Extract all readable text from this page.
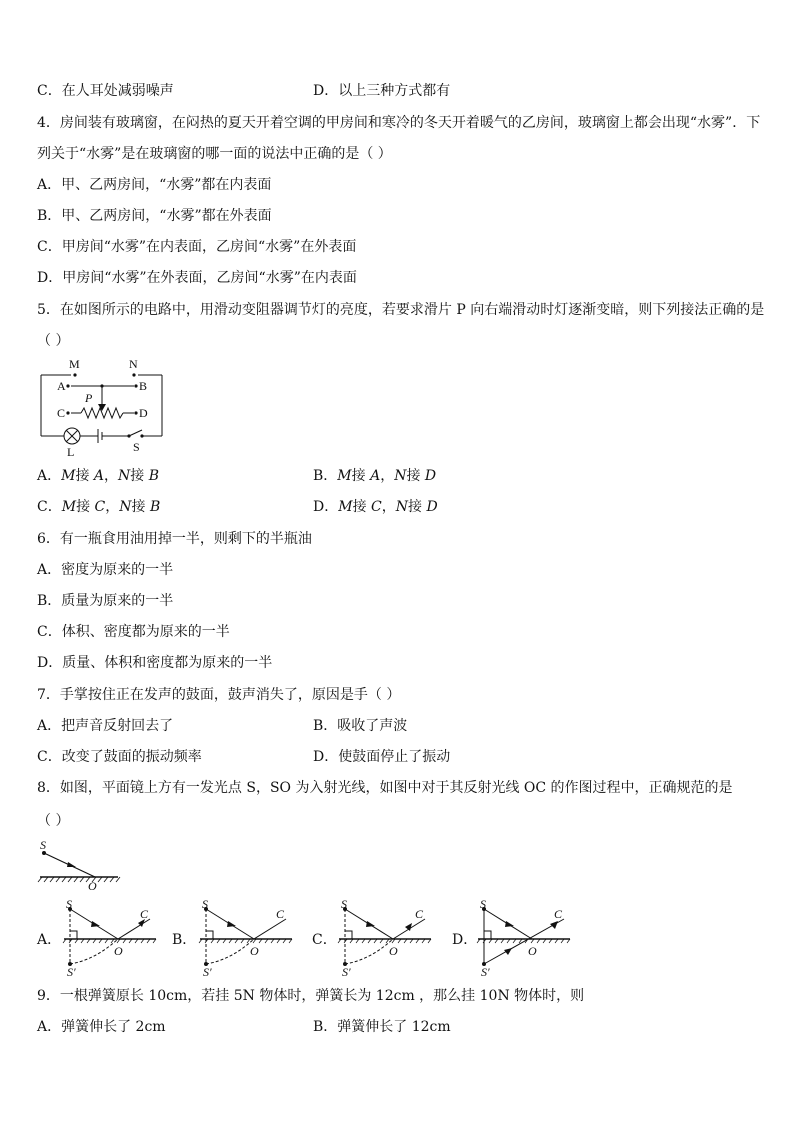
C．在人耳处减弱噪声	D．以上三种方式都有
4．房间装有玻璃窗，在闷热的夏天开着空调的甲房间和寒冷的冬天开着暖气的乙房间，玻璃窗上都会出现“水雾”．下
列关于“水雾”是在玻璃窗的哪一面的说法中正确的是（ ）
A．甲、乙两房间，“水雾”都在内表面
B．甲、乙两房间，“水雾”都在外表面
C．甲房间“水雾”在内表面，乙房间“水雾”在外表面
D．甲房间“水雾”在外表面，乙房间“水雾”在内表面
5．在如图所示的电路中，用滑动变阻器调节灯的亮度，若要求滑片 P 向右端滑动时灯逐渐变暗，则下列接法正确的是
（ ）
M	N
A	B
C	D
P
L	S
A．M接 A，N接 B	B．M接 A，N接 D
C．M接 C，N接 B	D．M接 C，N接 D
6．有一瓶食用油用掉一半，则剩下的半瓶油
A．密度为原来的一半
B．质量为原来的一半
C．体积、密度都为原来的一半
D．质量、体积和密度都为原来的一半
7．手掌按住正在发声的鼓面，鼓声消失了，原因是手（ ）
A．把声音反射回去了	B．吸收了声波
C．改变了鼓面的振动频率	D．使鼓面停止了振动
8．如图，平面镜上方有一发光点 S，SO 为入射光线，如图中对于其反射光线 OC 的作图过程中，正确规范的是
（ ）
S
O
A．
S
C
O
S′
B．
S
C
O
S′
C．
S
C
O
S′
D．
S
C
O
S′
9．一根弹簧原长 10cm，若挂 5N 物体时，弹簧长为 12cm ，那么挂 10N 物体时，则
A．弹簧伸长了 2cm	B．弹簧伸长了 12cm
